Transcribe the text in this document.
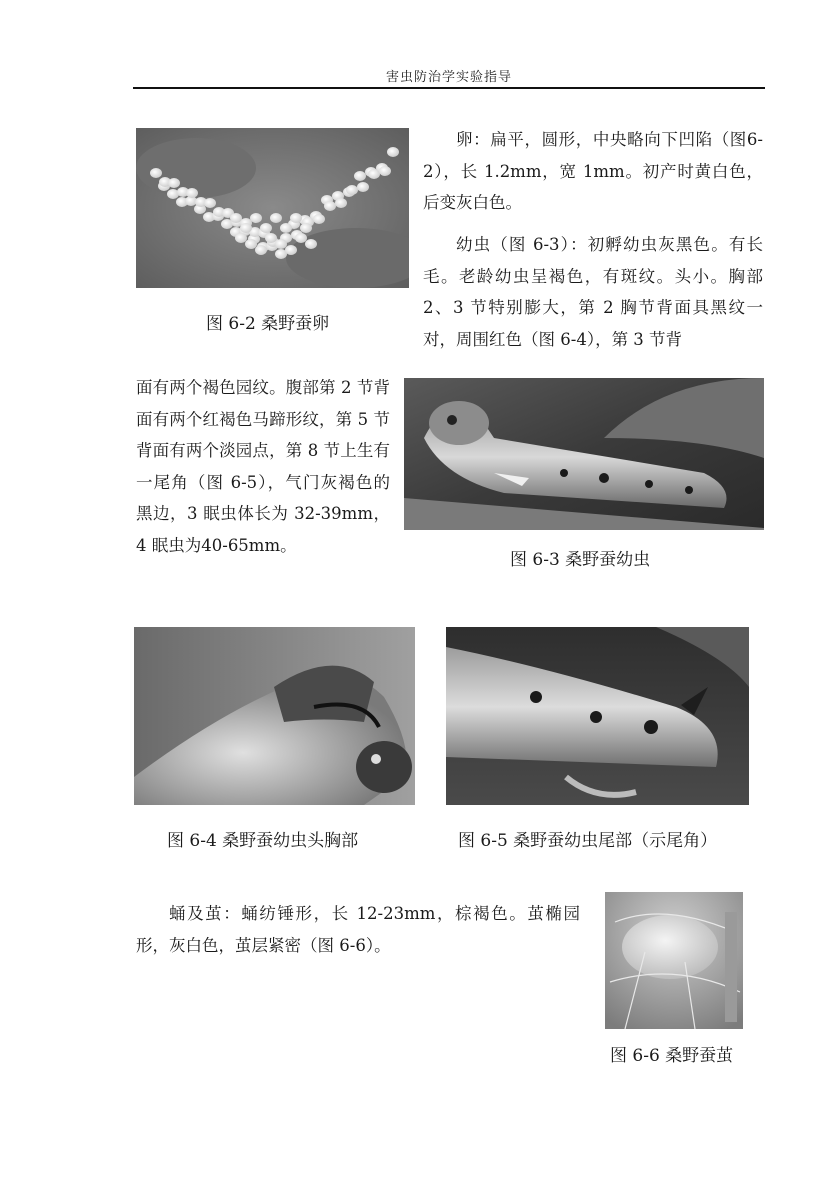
害虫防治学实验指导
图 6-2 桑野蚕卵
卵：扁平，圆形，中央略向下凹陷（图6-2），长 1.2mm，宽 1mm。初产时黄白色，后变灰白色。
幼虫（图 6-3）：初孵幼虫灰黑色。有长毛。老龄幼虫呈褐色，有斑纹。头小。胸部 2、3 节特别膨大，第 2 胸节背面具黑纹一对，周围红色（图 6-4），第 3 节背
面有两个褐色园纹。腹部第 2 节背面有两个红褐色马蹄形纹，第 5 节背面有两个淡园点，第 8 节上生有一尾角（图 6-5），气门灰褐色的黑边，3 眠虫体长为 32-39mm，4 眠虫为40-65mm。
图 6-3 桑野蚕幼虫
图 6-4 桑野蚕幼虫头胸部	图 6-5 桑野蚕幼虫尾部（示尾角）
蛹及茧：蛹纺锤形，长 12-23mm，棕褐色。茧椭园形，灰白色，茧层紧密（图 6-6）。
图 6-6 桑野蚕茧
